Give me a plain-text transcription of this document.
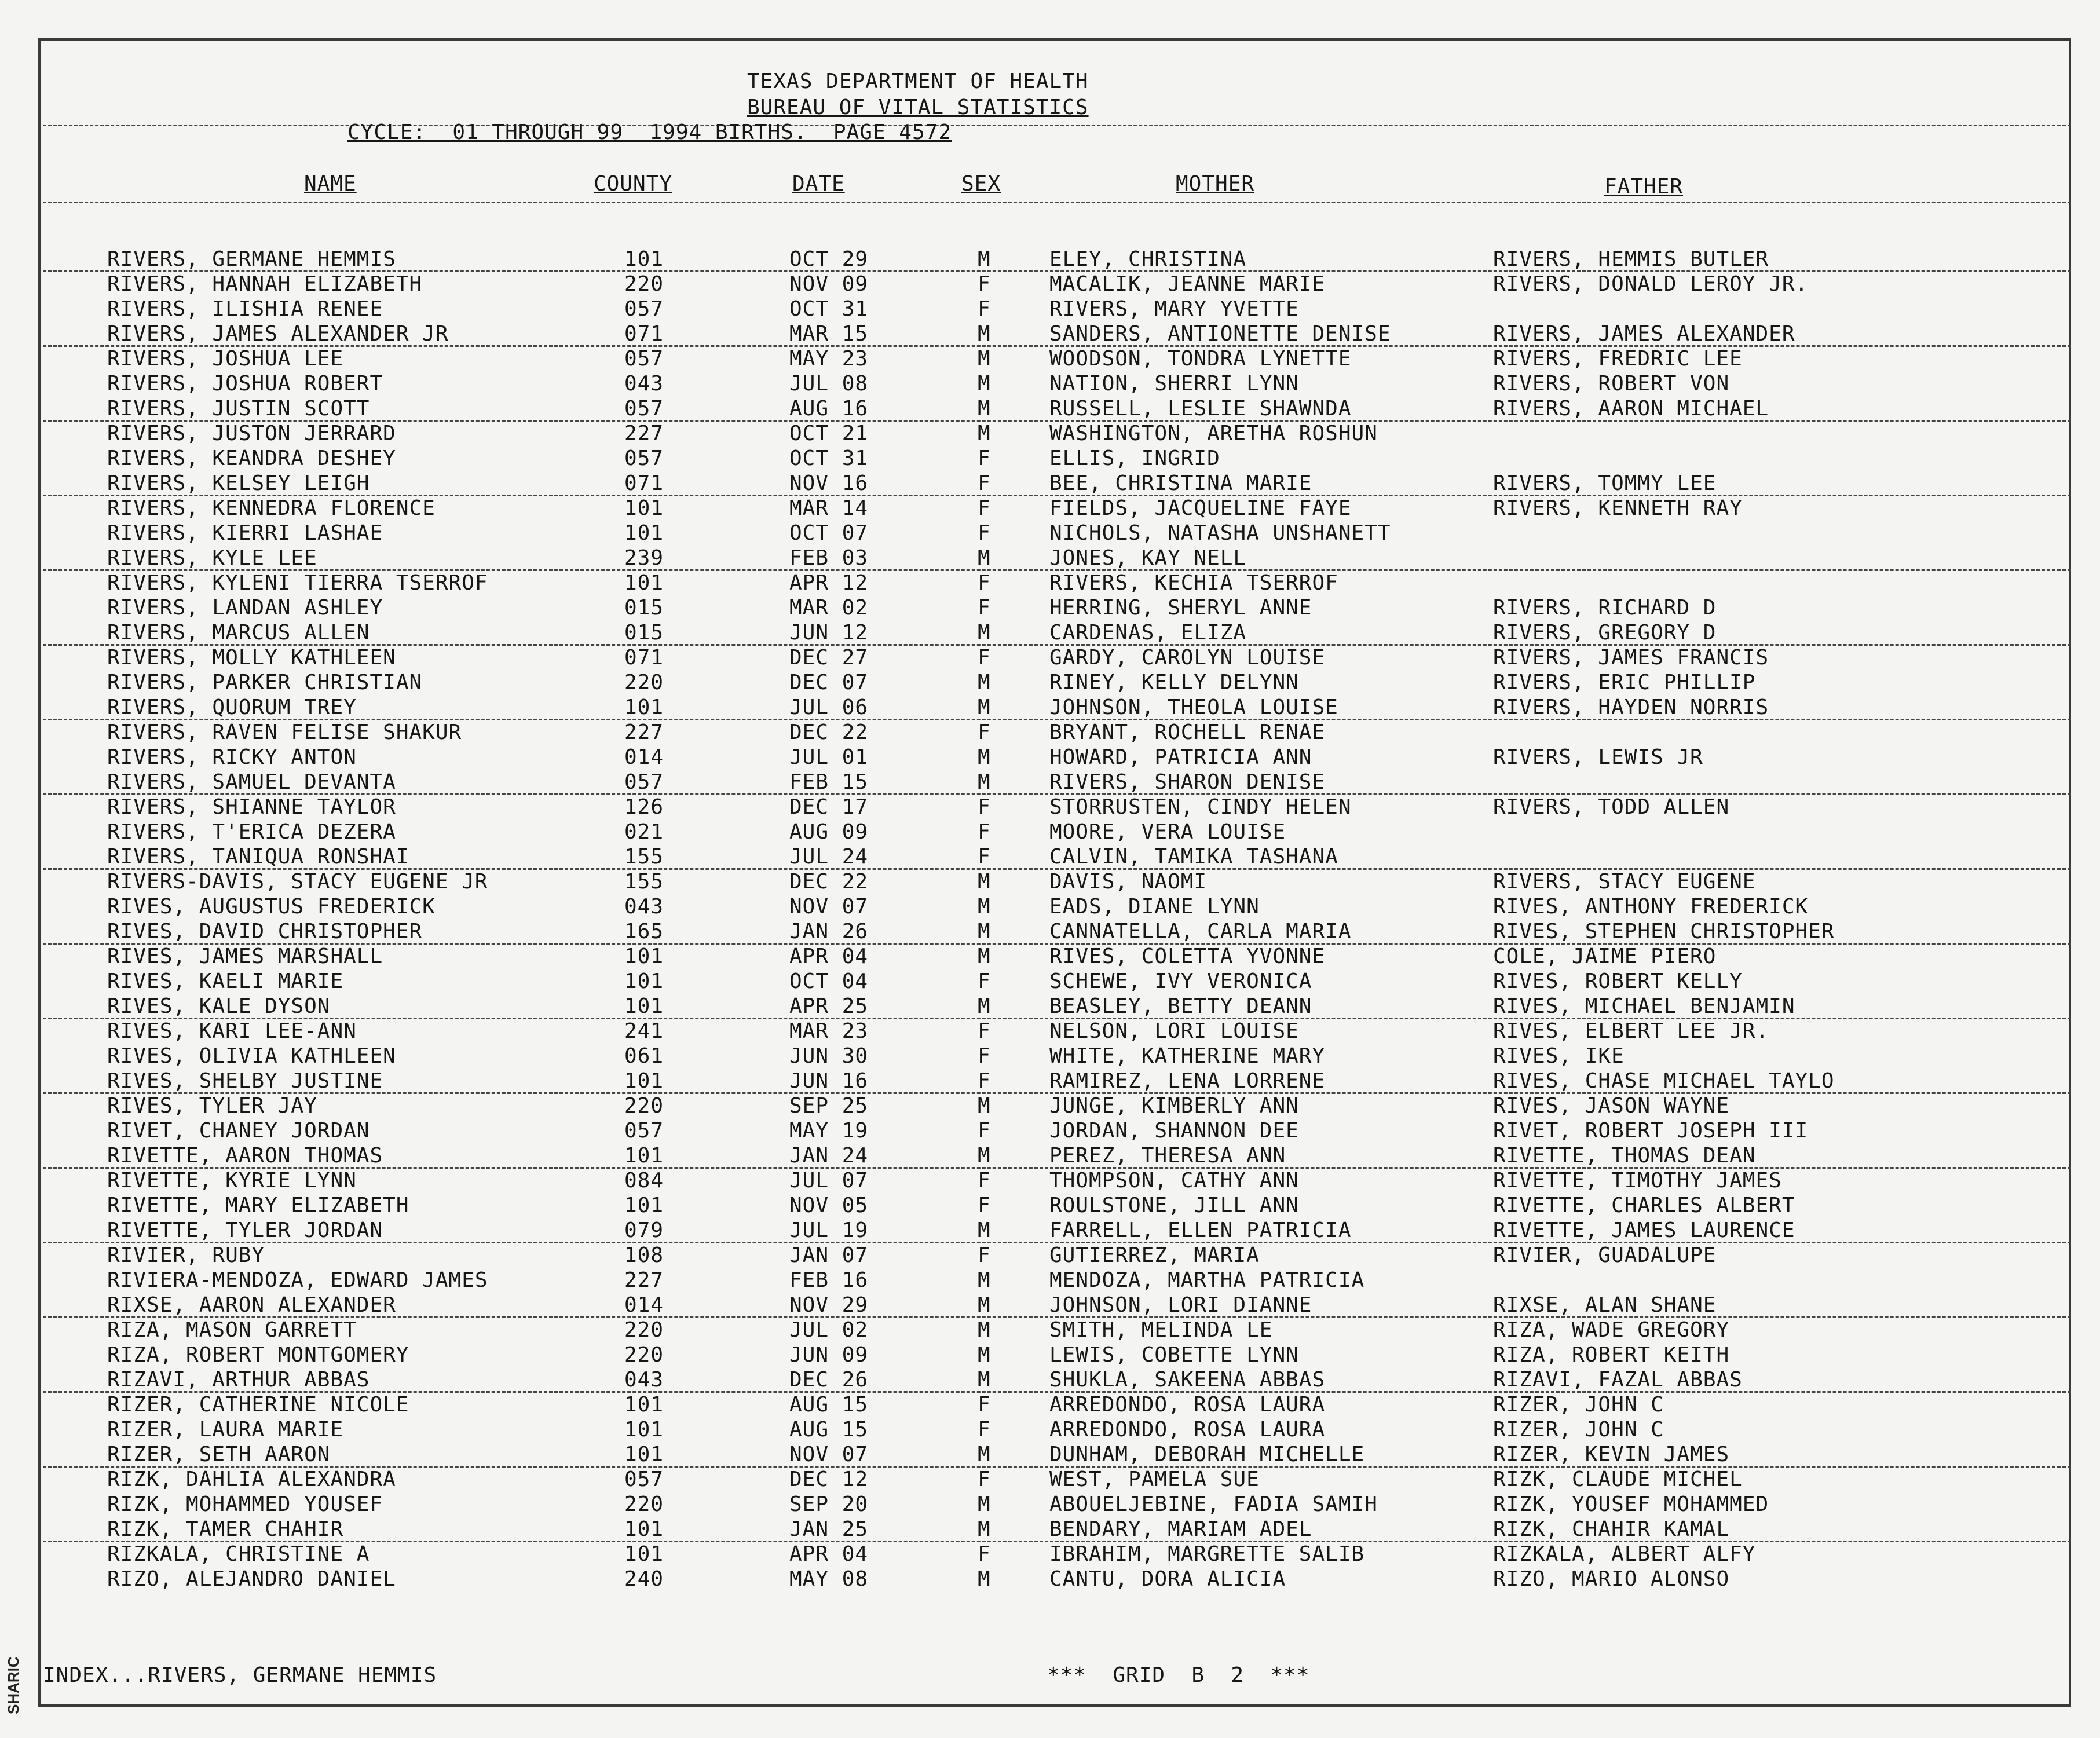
TEXAS DEPARTMENT OF HEALTH
BUREAU OF VITAL STATISTICS
CYCLE:  01 THROUGH 99  1994 BIRTHS.  PAGE 4572
NAME	COUNTY	DATE	SEX	MOTHER	FATHER
RIVERS, GERMANE HEMMIS	101	OCT 29	M	ELEY, CHRISTINA	RIVERS, HEMMIS BUTLER
RIVERS, HANNAH ELIZABETH	220	NOV 09	F	MACALIK, JEANNE MARIE	RIVERS, DONALD LEROY JR.
RIVERS, ILISHIA RENEE	057	OCT 31	F	RIVERS, MARY YVETTE
RIVERS, JAMES ALEXANDER JR	071	MAR 15	M	SANDERS, ANTIONETTE DENISE	RIVERS, JAMES ALEXANDER
RIVERS, JOSHUA LEE	057	MAY 23	M	WOODSON, TONDRA LYNETTE	RIVERS, FREDRIC LEE
RIVERS, JOSHUA ROBERT	043	JUL 08	M	NATION, SHERRI LYNN	RIVERS, ROBERT VON
RIVERS, JUSTIN SCOTT	057	AUG 16	M	RUSSELL, LESLIE SHAWNDA	RIVERS, AARON MICHAEL
RIVERS, JUSTON JERRARD	227	OCT 21	M	WASHINGTON, ARETHA ROSHUN
RIVERS, KEANDRA DESHEY	057	OCT 31	F	ELLIS, INGRID
RIVERS, KELSEY LEIGH	071	NOV 16	F	BEE, CHRISTINA MARIE	RIVERS, TOMMY LEE
RIVERS, KENNEDRA FLORENCE	101	MAR 14	F	FIELDS, JACQUELINE FAYE	RIVERS, KENNETH RAY
RIVERS, KIERRI LASHAE	101	OCT 07	F	NICHOLS, NATASHA UNSHANETT
RIVERS, KYLE LEE	239	FEB 03	M	JONES, KAY NELL
RIVERS, KYLENI TIERRA TSERROF	101	APR 12	F	RIVERS, KECHIA TSERROF
RIVERS, LANDAN ASHLEY	015	MAR 02	F	HERRING, SHERYL ANNE	RIVERS, RICHARD D
RIVERS, MARCUS ALLEN	015	JUN 12	M	CARDENAS, ELIZA	RIVERS, GREGORY D
RIVERS, MOLLY KATHLEEN	071	DEC 27	F	GARDY, CAROLYN LOUISE	RIVERS, JAMES FRANCIS
RIVERS, PARKER CHRISTIAN	220	DEC 07	M	RINEY, KELLY DELYNN	RIVERS, ERIC PHILLIP
RIVERS, QUORUM TREY	101	JUL 06	M	JOHNSON, THEOLA LOUISE	RIVERS, HAYDEN NORRIS
RIVERS, RAVEN FELISE SHAKUR	227	DEC 22	F	BRYANT, ROCHELL RENAE
RIVERS, RICKY ANTON	014	JUL 01	M	HOWARD, PATRICIA ANN	RIVERS, LEWIS JR
RIVERS, SAMUEL DEVANTA	057	FEB 15	M	RIVERS, SHARON DENISE
RIVERS, SHIANNE TAYLOR	126	DEC 17	F	STORRUSTEN, CINDY HELEN	RIVERS, TODD ALLEN
RIVERS, T'ERICA DEZERA	021	AUG 09	F	MOORE, VERA LOUISE
RIVERS, TANIQUA RONSHAI	155	JUL 24	F	CALVIN, TAMIKA TASHANA
RIVERS-DAVIS, STACY EUGENE JR	155	DEC 22	M	DAVIS, NAOMI	RIVERS, STACY EUGENE
RIVES, AUGUSTUS FREDERICK	043	NOV 07	M	EADS, DIANE LYNN	RIVES, ANTHONY FREDERICK
RIVES, DAVID CHRISTOPHER	165	JAN 26	M	CANNATELLA, CARLA MARIA	RIVES, STEPHEN CHRISTOPHER
RIVES, JAMES MARSHALL	101	APR 04	M	RIVES, COLETTA YVONNE	COLE, JAIME PIERO
RIVES, KAELI MARIE	101	OCT 04	F	SCHEWE, IVY VERONICA	RIVES, ROBERT KELLY
RIVES, KALE DYSON	101	APR 25	M	BEASLEY, BETTY DEANN	RIVES, MICHAEL BENJAMIN
RIVES, KARI LEE-ANN	241	MAR 23	F	NELSON, LORI LOUISE	RIVES, ELBERT LEE JR.
RIVES, OLIVIA KATHLEEN	061	JUN 30	F	WHITE, KATHERINE MARY	RIVES, IKE
RIVES, SHELBY JUSTINE	101	JUN 16	F	RAMIREZ, LENA LORRENE	RIVES, CHASE MICHAEL TAYLO
RIVES, TYLER JAY	220	SEP 25	M	JUNGE, KIMBERLY ANN	RIVES, JASON WAYNE
RIVET, CHANEY JORDAN	057	MAY 19	F	JORDAN, SHANNON DEE	RIVET, ROBERT JOSEPH III
RIVETTE, AARON THOMAS	101	JAN 24	M	PEREZ, THERESA ANN	RIVETTE, THOMAS DEAN
RIVETTE, KYRIE LYNN	084	JUL 07	F	THOMPSON, CATHY ANN	RIVETTE, TIMOTHY JAMES
RIVETTE, MARY ELIZABETH	101	NOV 05	F	ROULSTONE, JILL ANN	RIVETTE, CHARLES ALBERT
RIVETTE, TYLER JORDAN	079	JUL 19	M	FARRELL, ELLEN PATRICIA	RIVETTE, JAMES LAURENCE
RIVIER, RUBY	108	JAN 07	F	GUTIERREZ, MARIA	RIVIER, GUADALUPE
RIVIERA-MENDOZA, EDWARD JAMES	227	FEB 16	M	MENDOZA, MARTHA PATRICIA
RIXSE, AARON ALEXANDER	014	NOV 29	M	JOHNSON, LORI DIANNE	RIXSE, ALAN SHANE
RIZA, MASON GARRETT	220	JUL 02	M	SMITH, MELINDA LE	RIZA, WADE GREGORY
RIZA, ROBERT MONTGOMERY	220	JUN 09	M	LEWIS, COBETTE LYNN	RIZA, ROBERT KEITH
RIZAVI, ARTHUR ABBAS	043	DEC 26	M	SHUKLA, SAKEENA ABBAS	RIZAVI, FAZAL ABBAS
RIZER, CATHERINE NICOLE	101	AUG 15	F	ARREDONDO, ROSA LAURA	RIZER, JOHN C
RIZER, LAURA MARIE	101	AUG 15	F	ARREDONDO, ROSA LAURA	RIZER, JOHN C
RIZER, SETH AARON	101	NOV 07	M	DUNHAM, DEBORAH MICHELLE	RIZER, KEVIN JAMES
RIZK, DAHLIA ALEXANDRA	057	DEC 12	F	WEST, PAMELA SUE	RIZK, CLAUDE MICHEL
RIZK, MOHAMMED YOUSEF	220	SEP 20	M	ABOUELJEBINE, FADIA SAMIH	RIZK, YOUSEF MOHAMMED
RIZK, TAMER CHAHIR	101	JAN 25	M	BENDARY, MARIAM ADEL	RIZK, CHAHIR KAMAL
RIZKALA, CHRISTINE A	101	APR 04	F	IBRAHIM, MARGRETTE SALIB	RIZKALA, ALBERT ALFY
RIZO, ALEJANDRO DANIEL	240	MAY 08	M	CANTU, DORA ALICIA	RIZO, MARIO ALONSO
INDEX...RIVERS, GERMANE HEMMIS	***  GRID  B  2  ***
SHARIC
